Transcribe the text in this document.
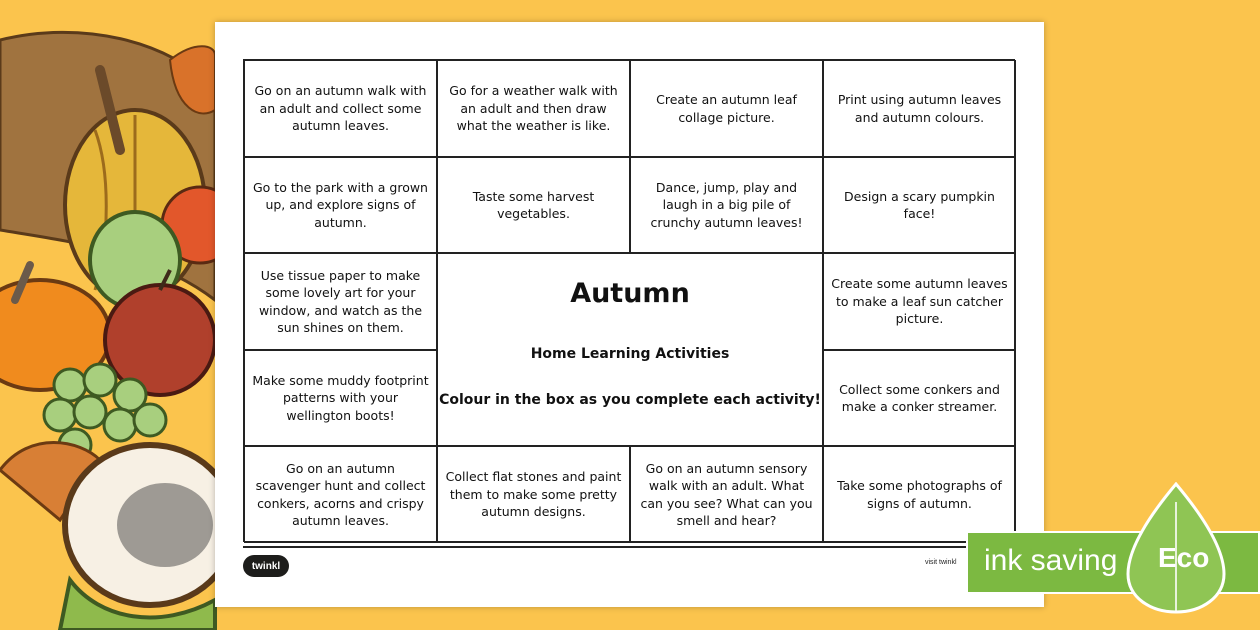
Go on an autumn walk with an adult and collect some autumn leaves.
Go for a weather walk with an adult and then draw what the weather is like.
Create an autumn leaf collage picture.
Print using autumn leaves and autumn colours.
Go to the park with a grown up, and explore signs of autumn.
Taste some harvest vegetables.
Dance, jump, play and laugh in a big pile of crunchy autumn leaves!
Design a scary pumpkin face!
Use tissue paper to make some lovely art for your window, and watch as the sun shines on them.
Create some autumn leaves to make a leaf sun catcher picture.
Make some muddy footprint patterns with your wellington boots!
Collect some conkers and make a conker streamer.
Go on an autumn scavenger hunt and collect conkers, acorns and crispy autumn leaves.
Collect flat stones and paint them to make some pretty autumn designs.
Go on an autumn sensory walk with an adult. What can you see? What can you smell and hear?
Take some photographs of signs of autumn.
Autumn
Home Learning Activities
Colour in the box as you complete each activity!
twinkl	visit twinkl ink saving Eco
